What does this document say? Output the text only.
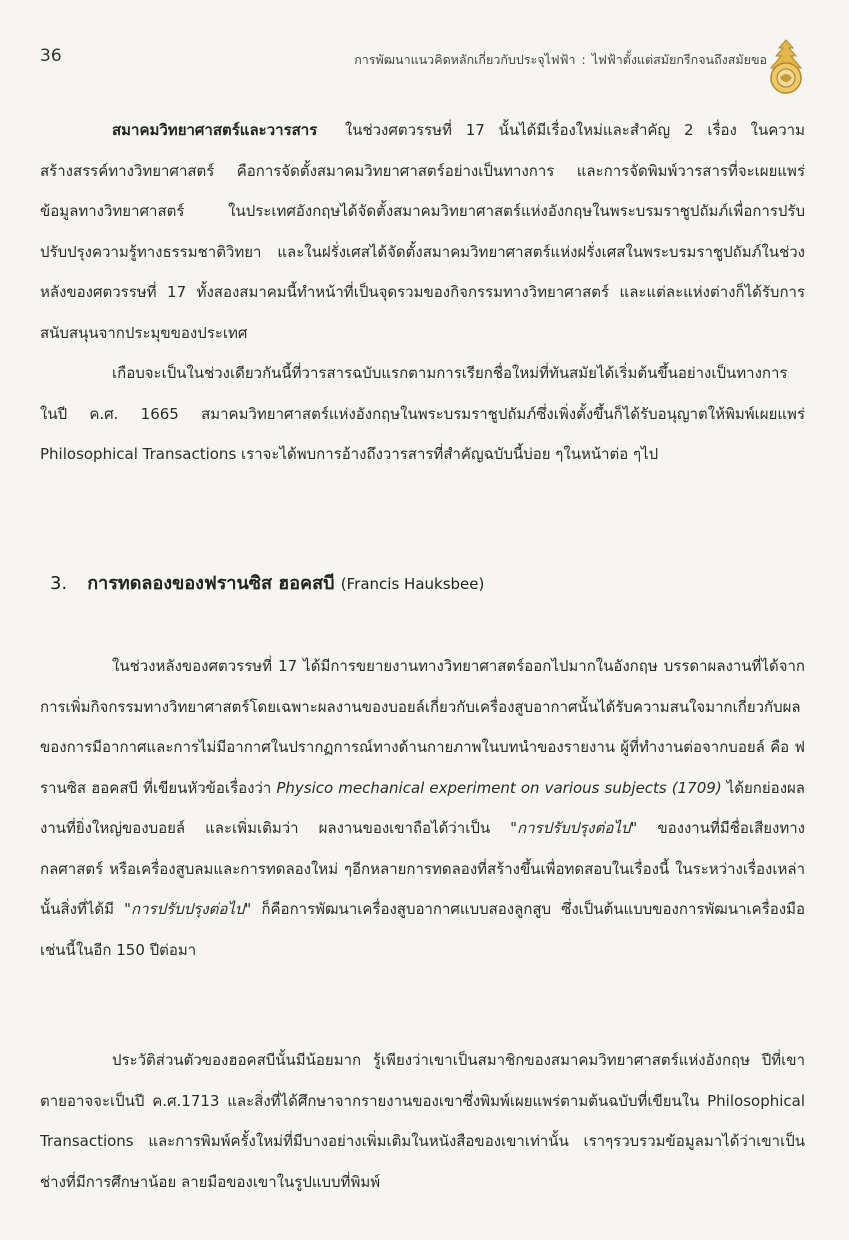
36	การพัฒนาแนวคิดหลักเกี่ยวกับประจุไฟฟ้า : ไฟฟ้าตั้งแต่สมัยกรีกจนถึงสมัยขอ
สมาคมวิทยาศาสตร์และวารสาร ในช่วงศตวรรษที่ 17 นั้นได้มีเรื่องใหม่และสำคัญ 2 เรื่อง ในความสร้างสรรค์ทางวิทยาศาสตร์ คือการจัดตั้งสมาคมวิทยาศาสตร์อย่างเป็นทางการ และการจัดพิมพ์วารสารที่จะเผยแพร่ข้อมูลทางวิทยาศาสตร์ ในประเทศอังกฤษได้จัดตั้งสมาคมวิทยาศาสตร์แห่งอังกฤษในพระบรมราชูปถัมภ์เพื่อการปรับปรับปรุงความรู้ทางธรรมชาติวิทยา และในฝรั่งเศสได้จัดตั้งสมาคมวิทยาศาสตร์แห่งฝรั่งเศสในพระบรมราชูปถัมภ์ในช่วงหลังของศตวรรษที่ 17 ทั้งสองสมาคมนี้ทำหน้าที่เป็นจุดรวมของกิจกรรมทางวิทยาศาสตร์ และแต่ละแห่งต่างก็ได้รับการสนับสนุนจากประมุขของประเทศ
เกือบจะเป็นในช่วงเดียวกันนี้ที่วารสารฉบับแรกตามการเรียกชื่อใหม่ที่ทันสมัยได้เริ่มต้นขึ้นอย่างเป็นทางการในปี ค.ศ. 1665 สมาคมวิทยาศาสตร์แห่งอังกฤษในพระบรมราชูปถัมภ์ซึ่งเพิ่งตั้งขึ้นก็ได้รับอนุญาตให้พิมพ์เผยแพร่ Philosophical Transactions เราจะได้พบการอ้างถึงวารสารที่สำคัญฉบับนี้บ่อย ๆในหน้าต่อ ๆไป
3. การทดลองของฟรานซิส ฮอคสบี (Francis Hauksbee)
ในช่วงหลังของศตวรรษที่ 17 ได้มีการขยายงานทางวิทยาศาสตร์ออกไปมากในอังกฤษ บรรดาผลงานที่ได้จากการเพิ่มกิจกรรมทางวิทยาศาสตร์โดยเฉพาะผลงานของบอยล์เกี่ยวกับเครื่องสูบอากาศนั้นได้รับความสนใจมากเกี่ยวกับผลของการมีอากาศและการไม่มีอากาศในปรากฏการณ์ทางด้านกายภาพในบทนำของรายงาน ผู้ที่ทำงานต่อจากบอยล์ คือ ฟรานซิส ฮอคสบี ที่เขียนหัวข้อเรื่องว่า Physico mechanical experiment on various subjects (1709) ได้ยกย่องผลงานที่ยิ่งใหญ่ของบอยล์ และเพิ่มเติมว่า ผลงานของเขาถือได้ว่าเป็น "การปรับปรุงต่อไป" ของงานที่มีชื่อเสียงทางกลศาสตร์ หรือเครื่องสูบลมและการทดลองใหม่ ๆอีกหลายการทดลองที่สร้างขึ้นเพื่อทดสอบในเรื่องนี้ ในระหว่างเรื่องเหล่านั้นสิ่งที่ได้มี "การปรับปรุงต่อไป" ก็คือการพัฒนาเครื่องสูบอากาศแบบสองลูกสูบ ซึ่งเป็นต้นแบบของการพัฒนาเครื่องมือเช่นนี้ในอีก 150 ปีต่อมา
ประวัติส่วนตัวของฮอคสบีนั้นมีน้อยมาก รู้เพียงว่าเขาเป็นสมาชิกของสมาคมวิทยาศาสตร์แห่งอังกฤษ ปีที่เขาตายอาจจะเป็นปี ค.ศ.1713 และสิ่งที่ได้ศึกษาจากรายงานของเขาซึ่งพิมพ์เผยแพร่ตามต้นฉบับที่เขียนใน Philosophical Transactions และการพิมพ์ครั้งใหม่ที่มีบางอย่างเพิ่มเติมในหนังสือของเขาเท่านั้น เราๆรวบรวมข้อมูลมาได้ว่าเขาเป็นช่างที่มีการศึกษาน้อย ลายมือของเขาในรูปแบบที่พิมพ์
